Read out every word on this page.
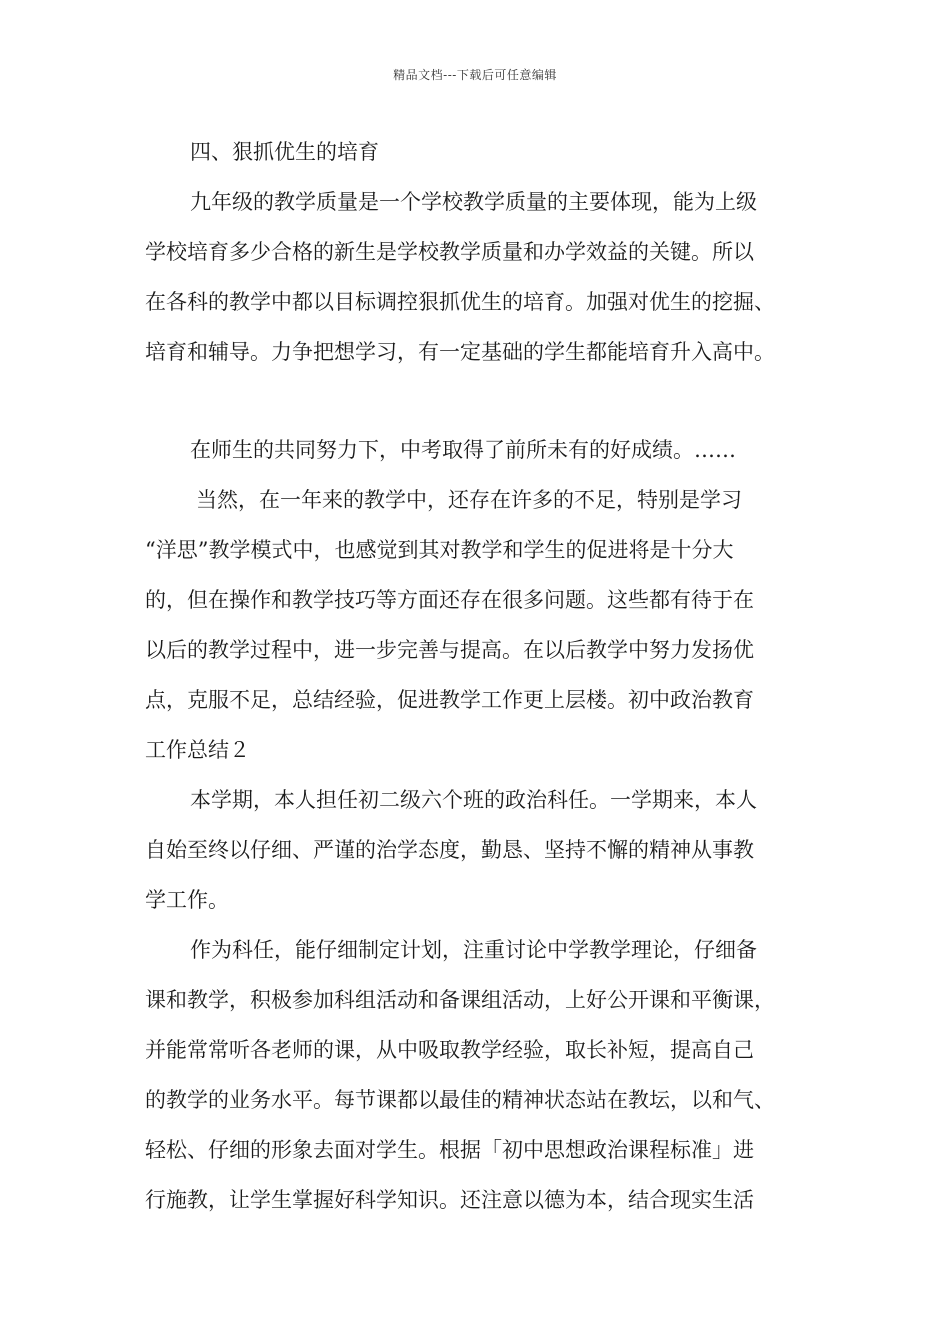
精品文档---下载后可任意编辑
四、狠抓优生的培育
九年级的教学质量是一个学校教学质量的主要体现，能为上级
学校培育多少合格的新生是学校教学质量和办学效益的关键。所以
在各科的教学中都以目标调控狠抓优生的培育。加强对优生的挖掘、
培育和辅导。力争把想学习，有一定基础的学生都能培育升入高中。
在师生的共同努力下，中考取得了前所未有的好成绩。……
当然，在一年来的教学中，还存在许多的不足，特别是学习
“洋思”教学模式中，也感觉到其对教学和学生的促进将是十分大
的，但在操作和教学技巧等方面还存在很多问题。这些都有待于在
以后的教学过程中，进一步完善与提高。在以后教学中努力发扬优
点，克服不足，总结经验，促进教学工作更上层楼。初中政治教育
工作总结２
本学期，本人担任初二级六个班的政治科任。一学期来，本人
自始至终以仔细、严谨的治学态度，勤恳、坚持不懈的精神从事教
学工作。
作为科任，能仔细制定计划，注重讨论中学教学理论，仔细备
课和教学，积极参加科组活动和备课组活动，上好公开课和平衡课，
并能常常听各老师的课，从中吸取教学经验，取长补短，提高自己
的教学的业务水平。每节课都以最佳的精神状态站在教坛，以和气、
轻松、仔细的形象去面对学生。根据「初中思想政治课程标准」进
行施教，让学生掌握好科学知识。还注意以德为本，结合现实生活
